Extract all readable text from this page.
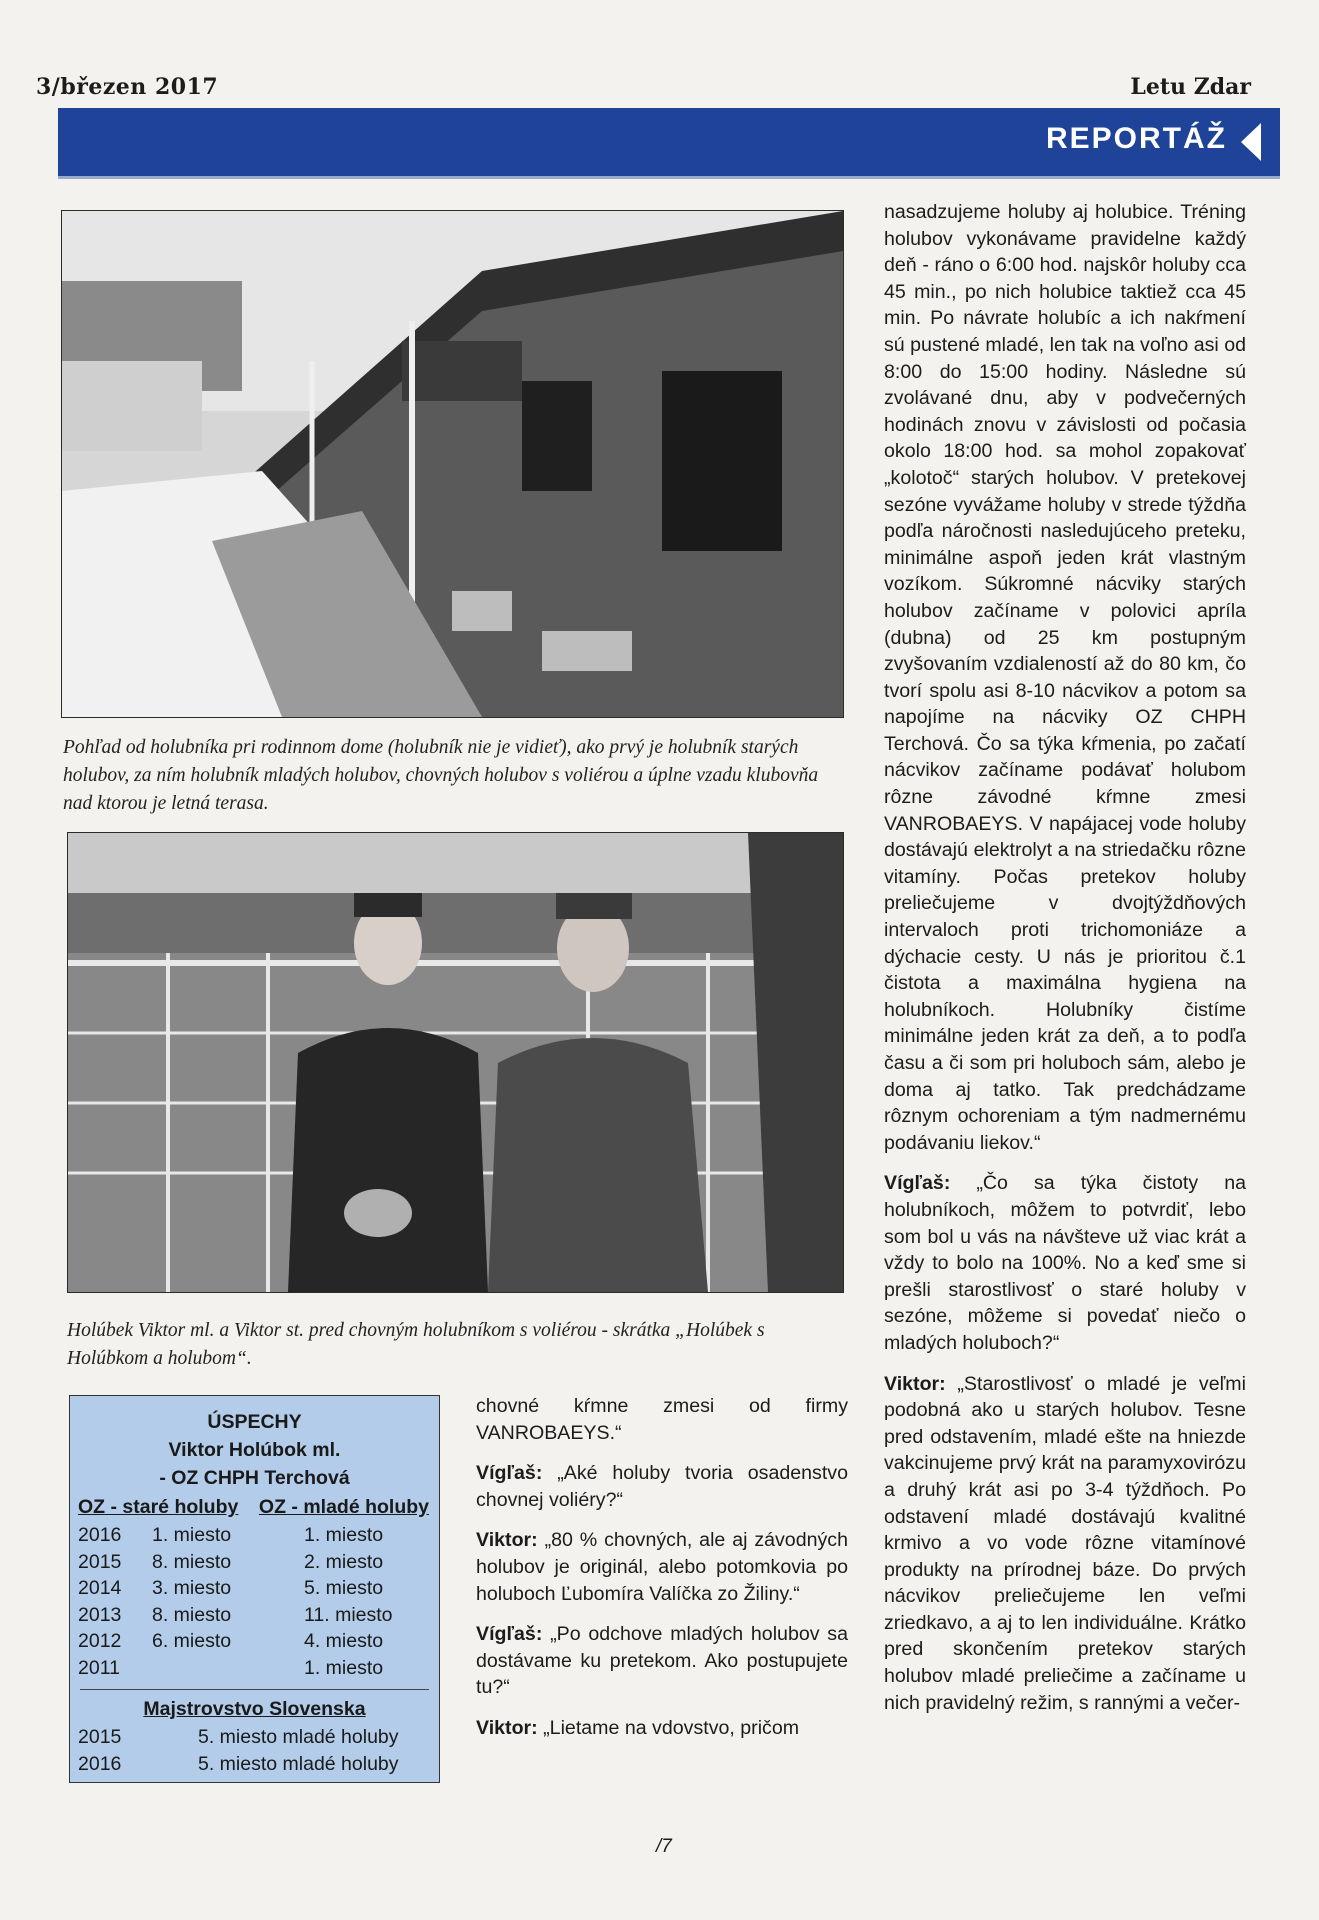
3/březen 2017	Letu Zdar
REPORTÁŽ

Pohľad od holubníka pri rodinnom dome (holubník nie je vidieť), ako prvý je holubník starých holubov, za ním holubník mladých holubov, chovných holubov s voliérou a úplne vzadu klubovňa nad ktorou je letná terasa.

Holúbek Viktor ml. a Viktor st. pred chovným holubníkom s voliérou - skrátka „Holúbek s Holúbkom a holubom“.

ÚSPECHY
Viktor Holúbok ml.
- OZ CHPH Terchová
OZ - staré holuby OZ - mladé holuby
2016	1. miesto	1. miesto
2015	8. miesto	2. miesto
2014	3. miesto	5. miesto
2013	8. miesto	11. miesto
2012	6. miesto	4. miesto
2011		1. miesto
Majstrovstvo Slovenska
2015	5. miesto mladé holuby
2016	5. miesto mladé holuby

chovné kŕmne zmesi od firmy VANROBAEYS.“

Vígľaš: „Aké holuby tvoria osadenstvo chovnej voliéry?“

Viktor: „80 % chovných, ale aj závodných holubov je originál, alebo potomkovia po holuboch Ľubomíra Valíčka zo Žiliny.“

Vígľaš: „Po odchove mladých holubov sa dostávame ku pretekom. Ako postupujete tu?“

Viktor: „Lietame na vdovstvo, pričom

nasadzujeme holuby aj holubice. Tréning holubov vykonávame pravidelne každý deň - ráno o 6:00 hod. najskôr holuby cca 45 min., po nich holubice taktiež cca 45 min. Po návrate holubíc a ich nakŕmení sú pustené mladé, len tak na voľno asi od 8:00 do 15:00 hodiny. Následne sú zvolávané dnu, aby v podvečerných hodinách znovu v závislosti od počasia okolo 18:00 hod. sa mohol zopakovať „kolotoč“ starých holubov. V pretekovej sezóne vyvážame holuby v strede týždňa podľa náročnosti nasledujúceho preteku, minimálne aspoň jeden krát vlastným vozíkom. Súkromné nácviky starých holubov začíname v polovici apríla (dubna) od 25 km postupným zvyšovaním vzdialeností až do 80 km, čo tvorí spolu asi 8-10 nácvikov a potom sa napojíme na nácviky OZ CHPH Terchová. Čo sa týka kŕmenia, po začatí nácvikov začíname podávať holubom rôzne závodné kŕmne zmesi VANROBAEYS. V napájacej vode holuby dostávajú elektrolyt a na striedačku rôzne vitamíny. Počas pretekov holuby preliečujeme v dvojtýždňových intervaloch proti trichomoniáze a dýchacie cesty. U nás je prioritou č.1 čistota a maximálna hygiena na holubníkoch. Holubníky čistíme minimálne jeden krát za deň, a to podľa času a či som pri holuboch sám, alebo je doma aj tatko. Tak predchádzame rôznym ochoreniam a tým nadmernému podávaniu liekov.“

Vígľaš: „Čo sa týka čistoty na holubníkoch, môžem to potvrdiť, lebo som bol u vás na návšteve už viac krát a vždy to bolo na 100%. No a keď sme si prešli starostlivosť o staré holuby v sezóne, môžeme si povedať niečo o mladých holuboch?“

Viktor: „Starostlivosť o mladé je veľmi podobná ako u starých holubov. Tesne pred odstavením, mladé ešte na hniezde vakcinujeme prvý krát na paramyxovirózu a druhý krát asi po 3-4 týždňoch. Po odstavení mladé dostávajú kvalitné krmivo a vo vode rôzne vitamínové produkty na prírodnej báze. Do prvých nácvikov preliečujeme len veľmi zriedkavo, a aj to len individuálne. Krátko pred skončením pretekov starých holubov mladé preliečime a začíname u nich pravidelný režim, s rannými a večer-

/7
